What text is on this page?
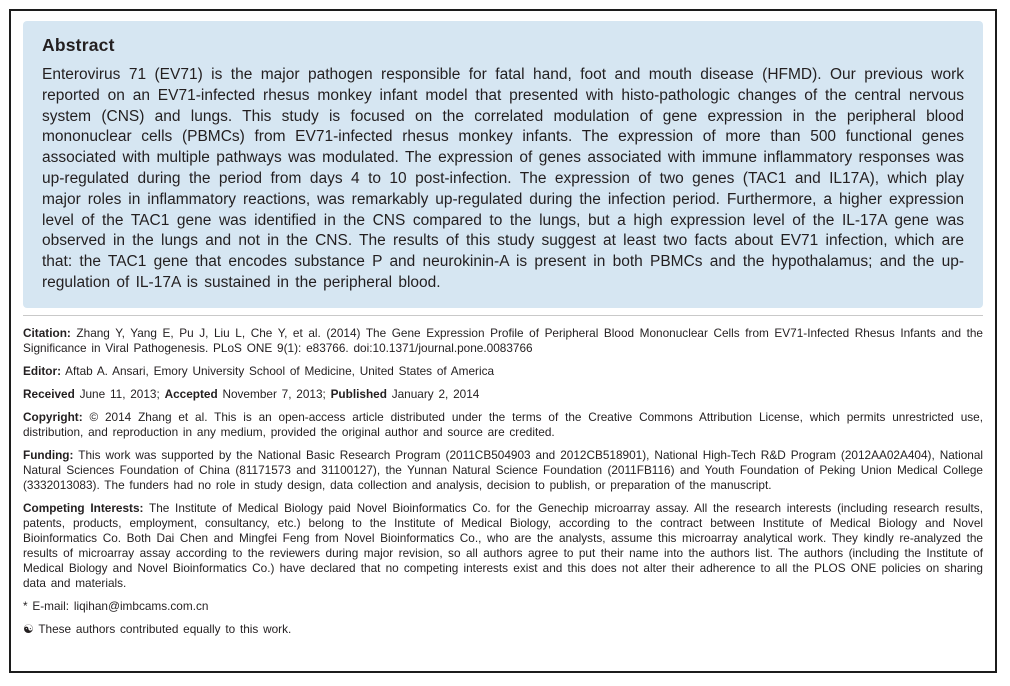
Abstract
Enterovirus 71 (EV71) is the major pathogen responsible for fatal hand, foot and mouth disease (HFMD). Our previous work reported on an EV71-infected rhesus monkey infant model that presented with histo-pathologic changes of the central nervous system (CNS) and lungs. This study is focused on the correlated modulation of gene expression in the peripheral blood mononuclear cells (PBMCs) from EV71-infected rhesus monkey infants. The expression of more than 500 functional genes associated with multiple pathways was modulated. The expression of genes associated with immune inflammatory responses was up-regulated during the period from days 4 to 10 post-infection. The expression of two genes (TAC1 and IL17A), which play major roles in inflammatory reactions, was remarkably up-regulated during the infection period. Furthermore, a higher expression level of the TAC1 gene was identified in the CNS compared to the lungs, but a high expression level of the IL-17A gene was observed in the lungs and not in the CNS. The results of this study suggest at least two facts about EV71 infection, which are that: the TAC1 gene that encodes substance P and neurokinin-A is present in both PBMCs and the hypothalamus; and the up-regulation of IL-17A is sustained in the peripheral blood.

Citation: Zhang Y, Yang E, Pu J, Liu L, Che Y, et al. (2014) The Gene Expression Profile of Peripheral Blood Mononuclear Cells from EV71-Infected Rhesus Infants and the Significance in Viral Pathogenesis. PLoS ONE 9(1): e83766. doi:10.1371/journal.pone.0083766

Editor: Aftab A. Ansari, Emory University School of Medicine, United States of America

Received June 11, 2013; Accepted November 7, 2013; Published January 2, 2014

Copyright: © 2014 Zhang et al. This is an open-access article distributed under the terms of the Creative Commons Attribution License, which permits unrestricted use, distribution, and reproduction in any medium, provided the original author and source are credited.

Funding: This work was supported by the National Basic Research Program (2011CB504903 and 2012CB518901), National High-Tech R&D Program (2012AA02A404), National Natural Sciences Foundation of China (81171573 and 31100127), the Yunnan Natural Science Foundation (2011FB116) and Youth Foundation of Peking Union Medical College (3332013083). The funders had no role in study design, data collection and analysis, decision to publish, or preparation of the manuscript.

Competing Interests: The Institute of Medical Biology paid Novel Bioinformatics Co. for the Genechip microarray assay. All the research interests (including research results, patents, products, employment, consultancy, etc.) belong to the Institute of Medical Biology, according to the contract between Institute of Medical Biology and Novel Bioinformatics Co. Both Dai Chen and Mingfei Feng from Novel Bioinformatics Co., who are the analysts, assume this microarray analytical work. They kindly re-analyzed the results of microarray assay according to the reviewers during major revision, so all authors agree to put their name into the authors list. The authors (including the Institute of Medical Biology and Novel Bioinformatics Co.) have declared that no competing interests exist and this does not alter their adherence to all the PLOS ONE policies on sharing data and materials.

* E-mail: liqihan@imbcams.com.cn

☯ These authors contributed equally to this work.
